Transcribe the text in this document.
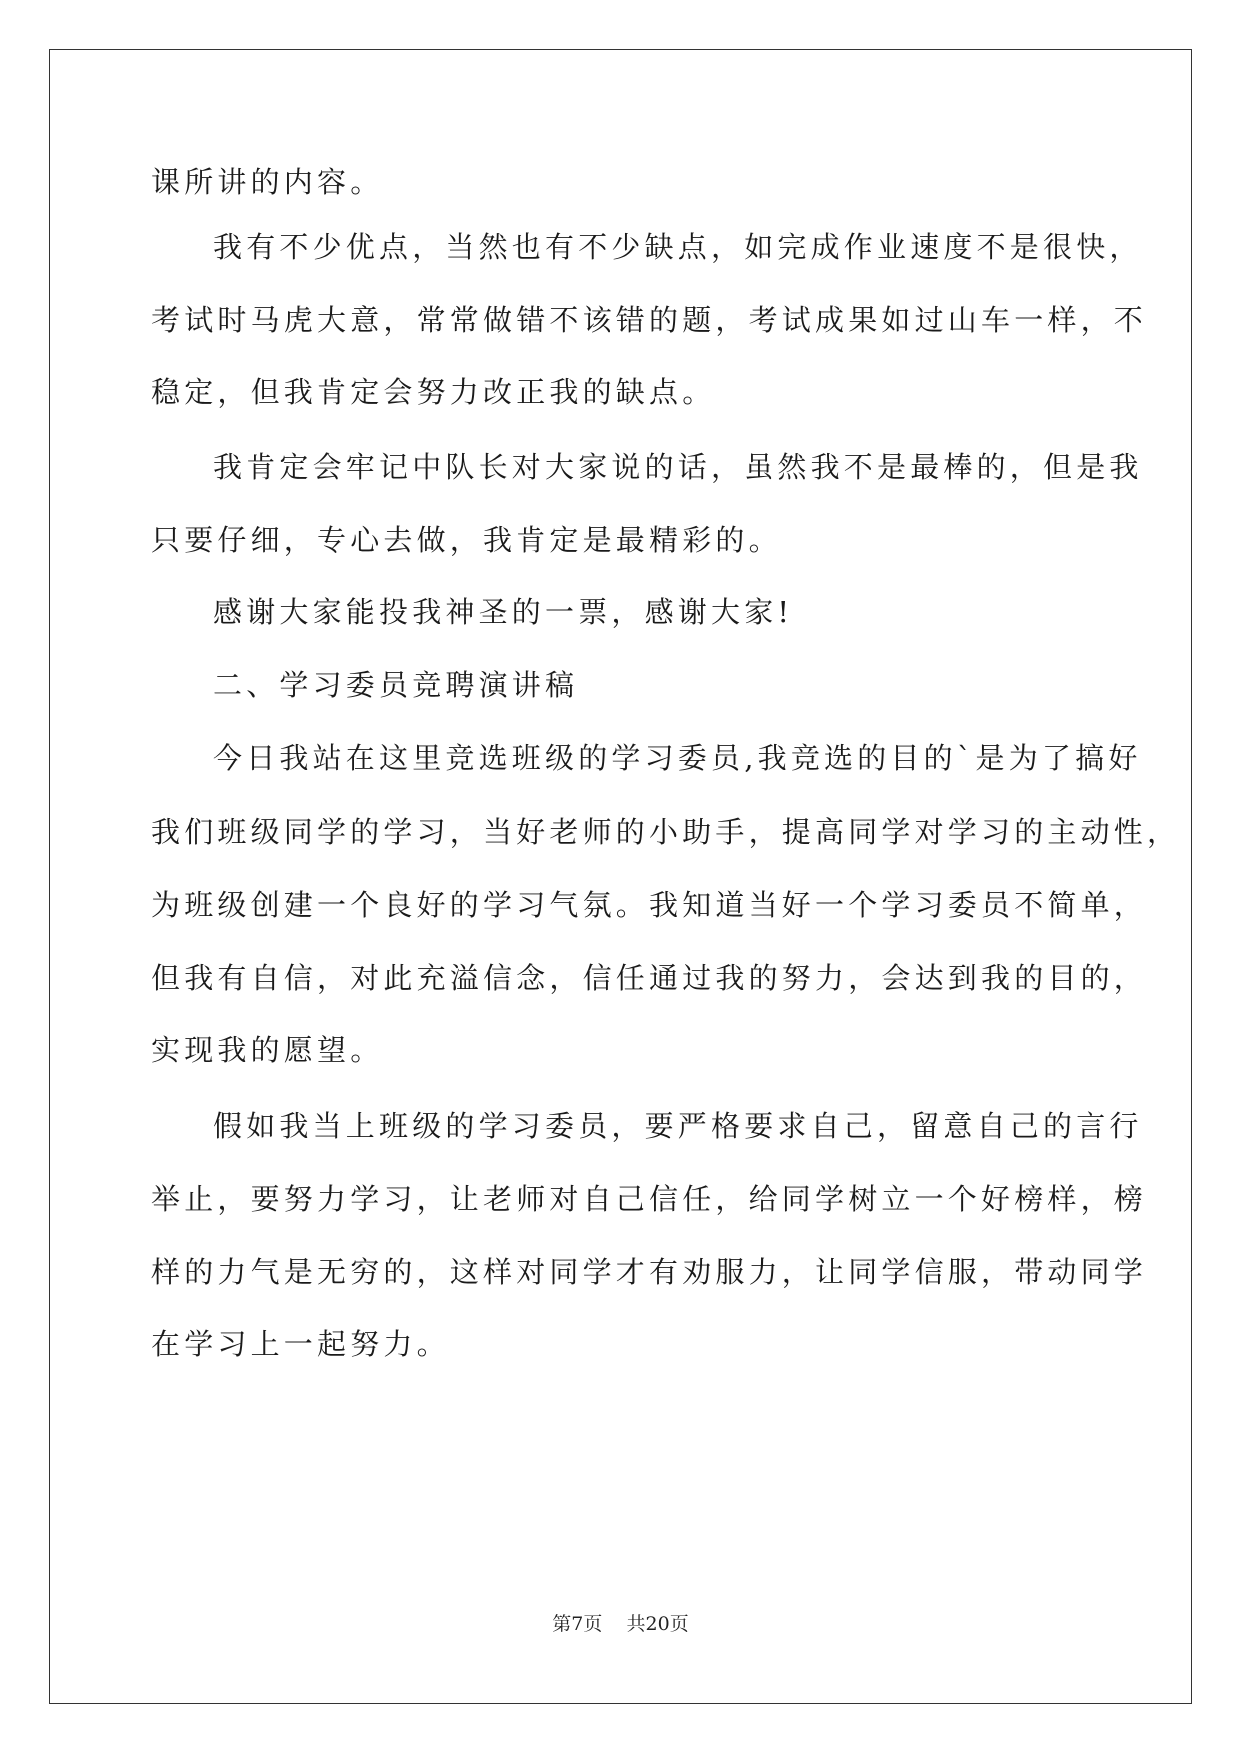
课所讲的内容。
我有不少优点，当然也有不少缺点，如完成作业速度不是很快，
考试时马虎大意，常常做错不该错的题，考试成果如过山车一样，不
稳定，但我肯定会努力改正我的缺点。
我肯定会牢记中队长对大家说的话，虽然我不是最棒的，但是我
只要仔细，专心去做，我肯定是最精彩的。
感谢大家能投我神圣的一票，感谢大家!
二、学习委员竞聘演讲稿
今日我站在这里竞选班级的学习委员,我竞选的目的`是为了搞好
我们班级同学的学习，当好老师的小助手，提高同学对学习的主动性，
为班级创建一个良好的学习气氛。我知道当好一个学习委员不简单，
但我有自信，对此充溢信念，信任通过我的努力，会达到我的目的，
实现我的愿望。
假如我当上班级的学习委员，要严格要求自己，留意自己的言行
举止，要努力学习，让老师对自己信任，给同学树立一个好榜样，榜
样的力气是无穷的，这样对同学才有劝服力，让同学信服，带动同学
在学习上一起努力。
第7页    共20页
